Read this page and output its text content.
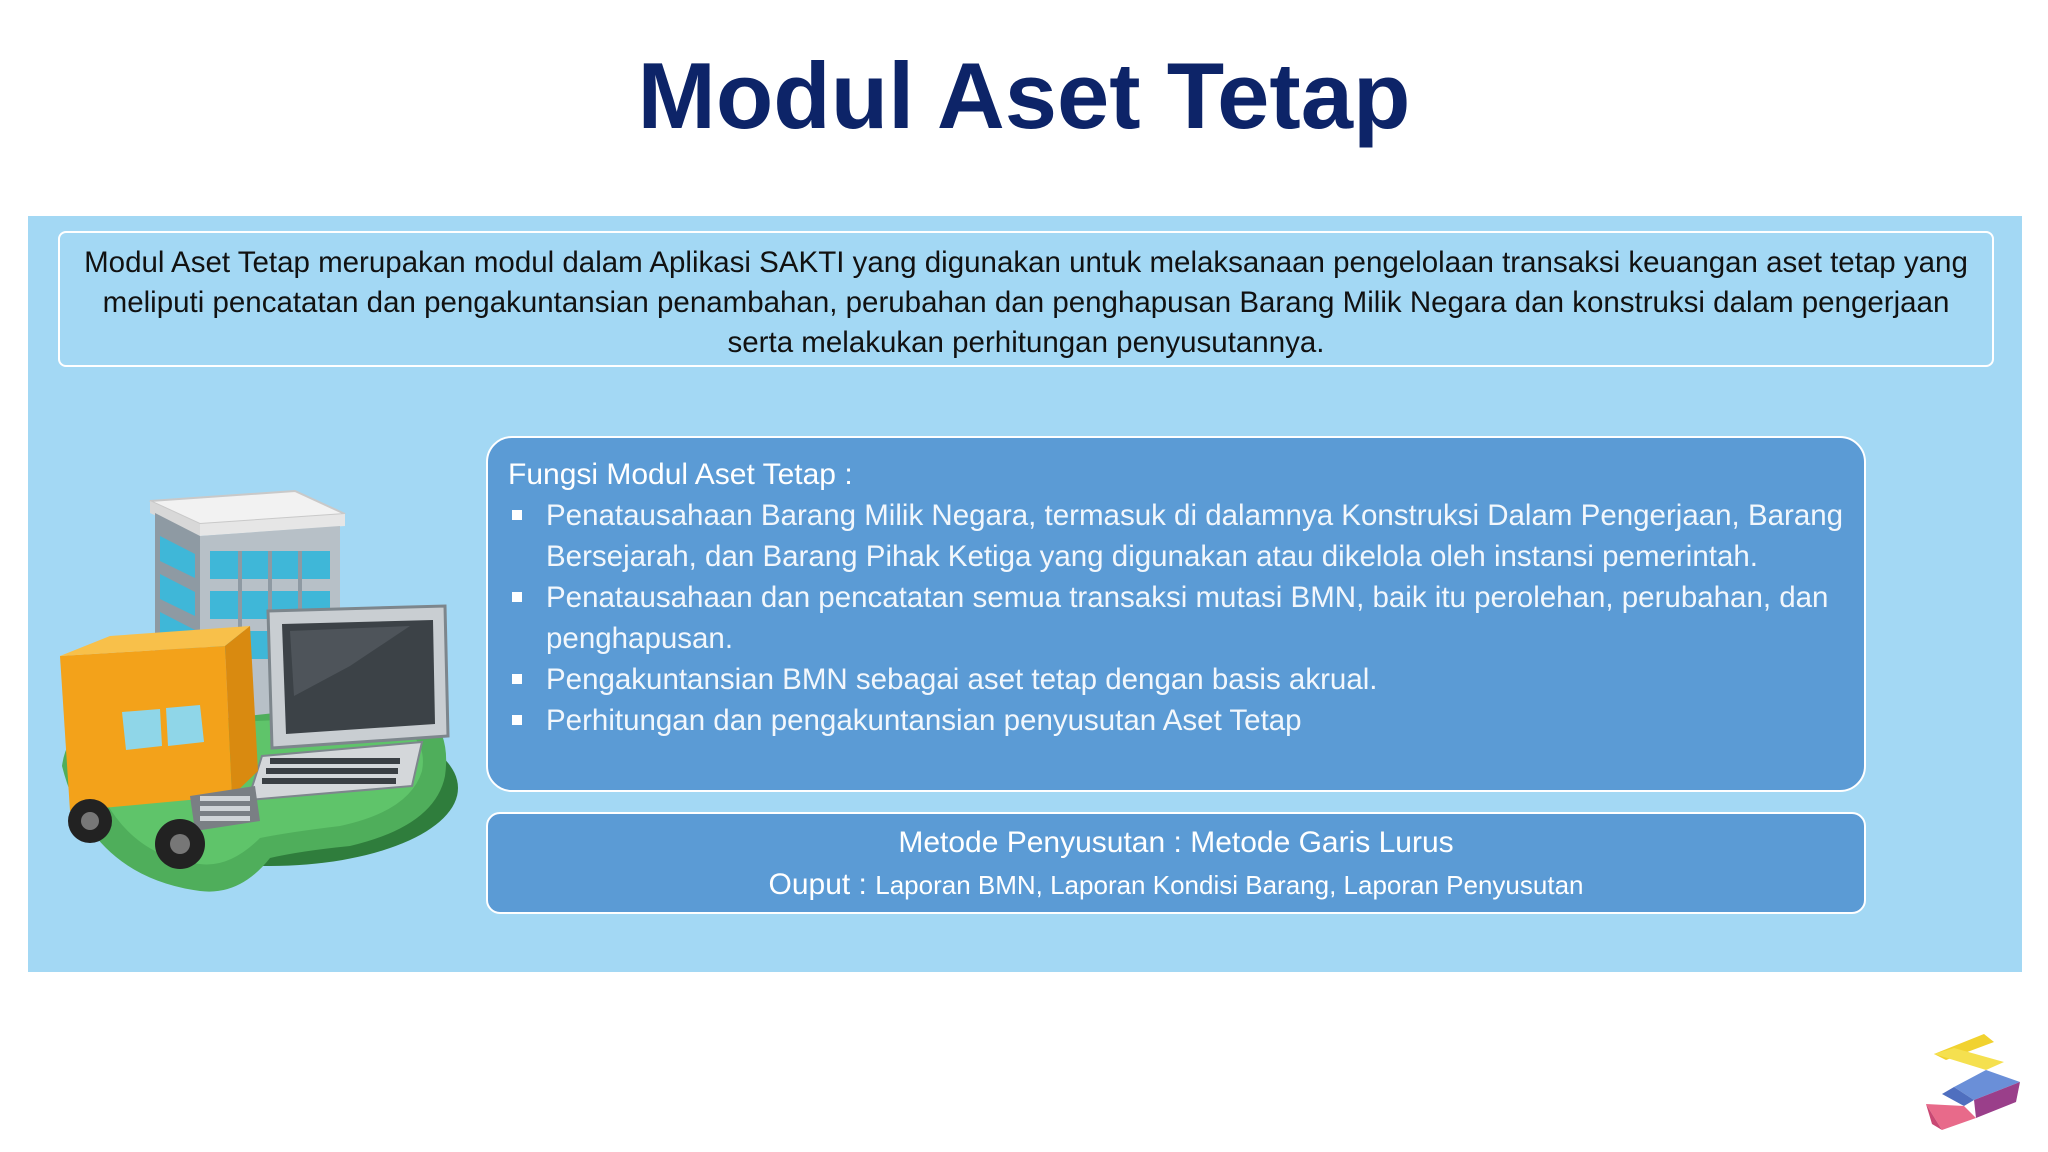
Modul Aset Tetap
Modul Aset Tetap merupakan modul dalam Aplikasi SAKTI yang digunakan untuk melaksanaan pengelolaan transaksi keuangan aset tetap yang meliputi pencatatan dan pengakuntansian penambahan, perubahan dan penghapusan Barang Milik Negara dan konstruksi dalam pengerjaan serta melakukan perhitungan penyusutannya.
Fungsi Modul Aset Tetap :
Penatausahaan Barang Milik Negara, termasuk di dalamnya Konstruksi Dalam Pengerjaan, Barang Bersejarah, dan Barang Pihak Ketiga yang digunakan atau dikelola oleh instansi pemerintah.
Penatausahaan dan pencatatan semua transaksi mutasi BMN, baik itu perolehan, perubahan, dan penghapusan.
Pengakuntansian BMN sebagai aset tetap dengan basis akrual.
Perhitungan dan pengakuntansian penyusutan Aset Tetap
Metode Penyusutan : Metode Garis Lurus
Ouput : Laporan BMN, Laporan Kondisi Barang, Laporan Penyusutan
